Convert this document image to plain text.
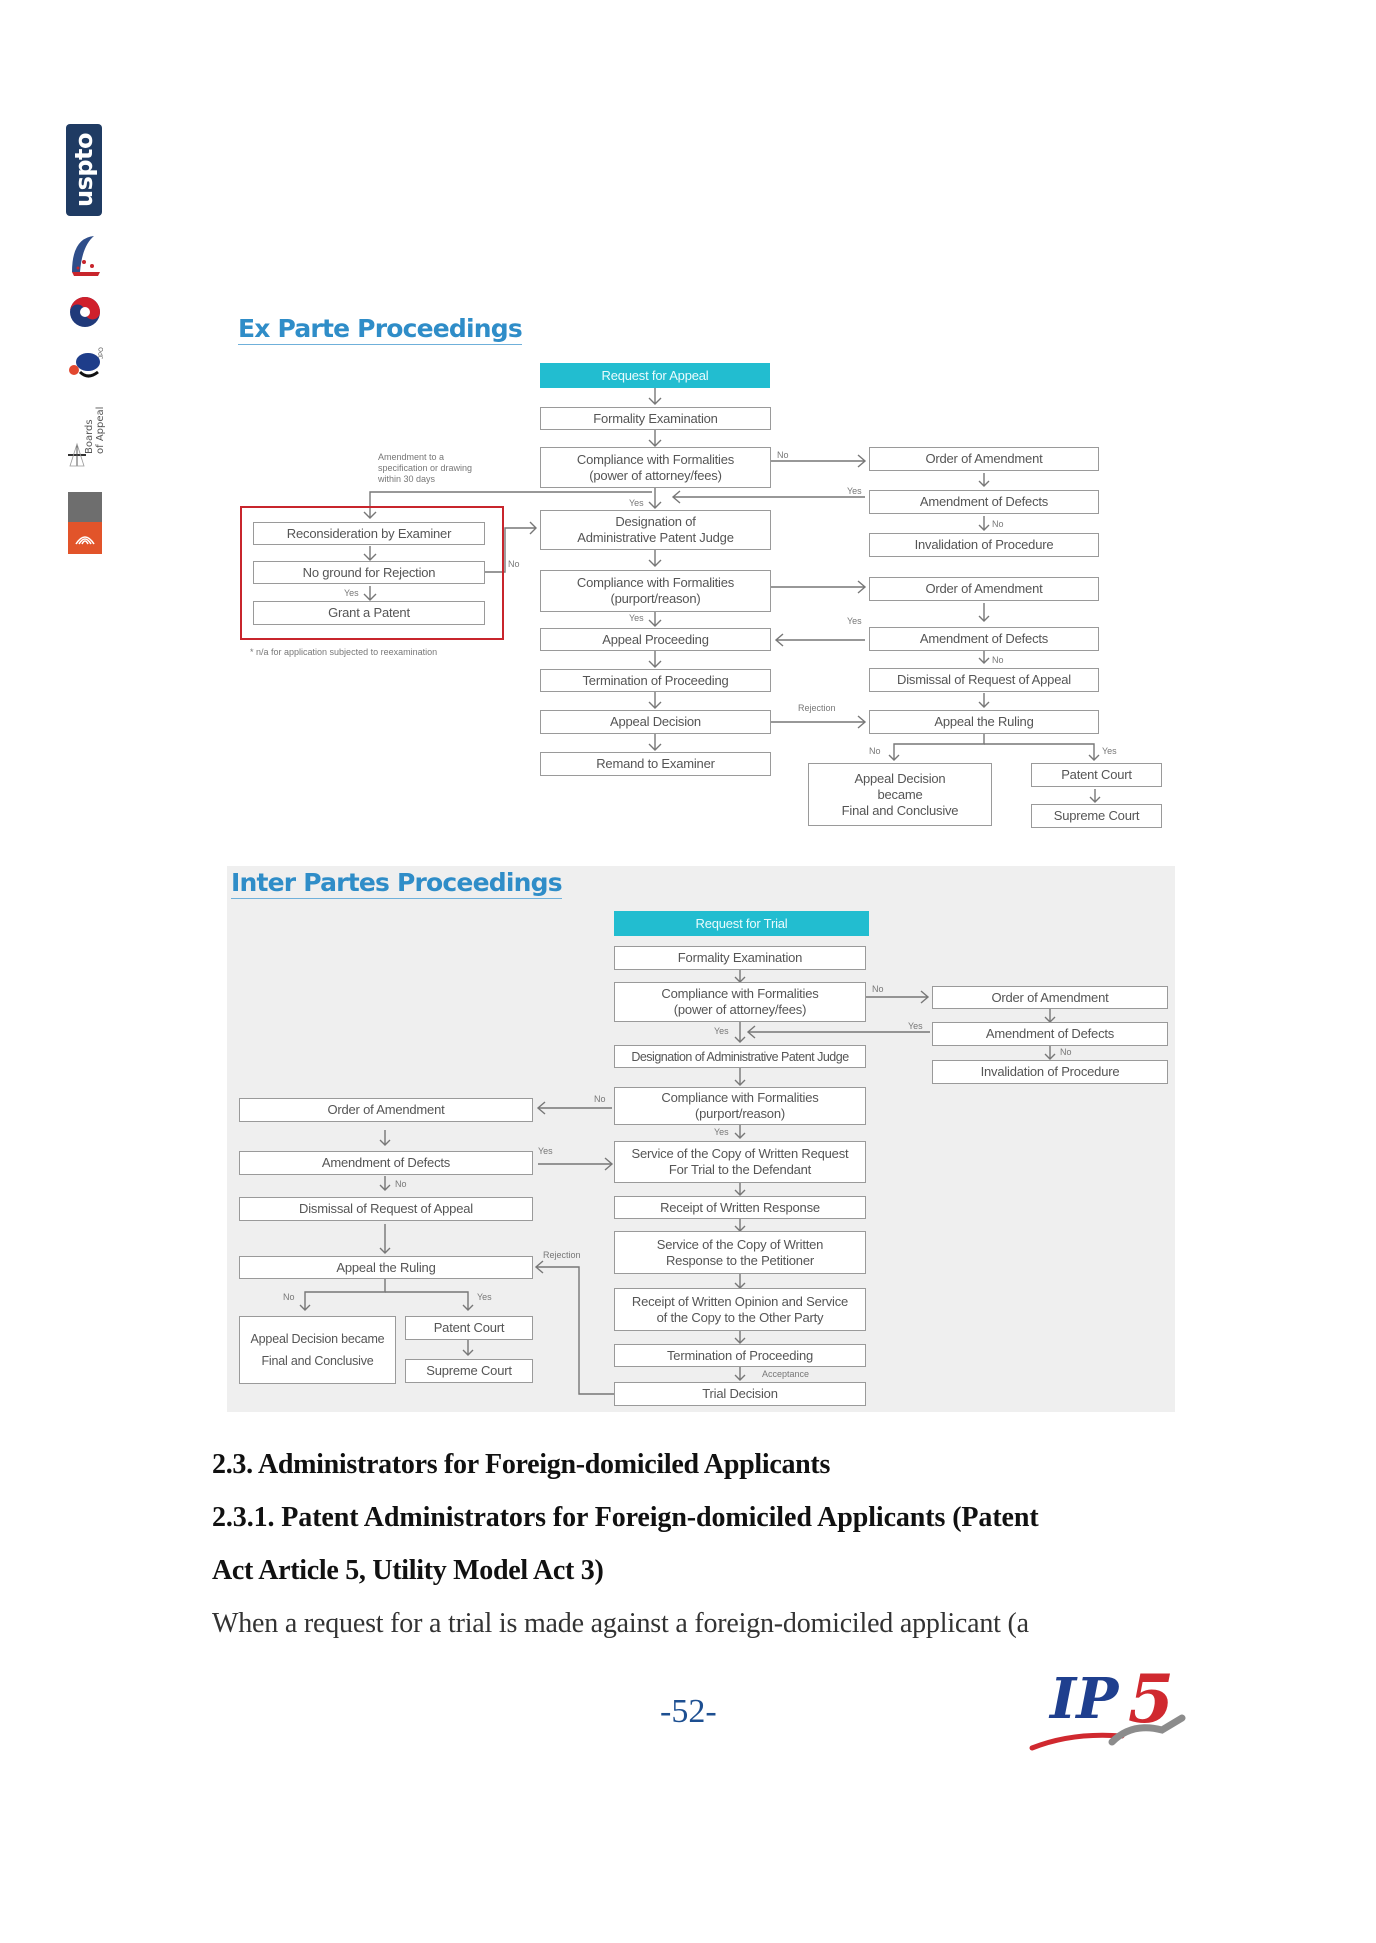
uspto
JPO
Boards
of Appeal
Ex Parte Proceedings
Request for Appeal
Formality Examination
Compliance with Formalities
(power of attorney/fees)
Designation of
Administrative Patent Judge
Compliance with Formalities
(purport/reason)
Appeal Proceeding
Termination of Proceeding
Appeal Decision
Remand to Examiner
Order of Amendment
Amendment of Defects
Invalidation of Procedure
Order of Amendment
Amendment of Defects
Dismissal of Request of Appeal
Appeal the Ruling
Appeal Decision
became
Final and Conclusive
Patent Court
Supreme Court
Reconsideration by Examiner
No ground for Rejection
Grant a Patent
Amendment to a
specification or drawing
within 30 days
* n/a for application subjected to reexamination
No
Yes
Yes
No
No
Yes
Yes	Yes
No
Rejection
No	Yes
Inter Partes Proceedings
Request for Trial
Formality Examination
Compliance with Formalities
(power of attorney/fees)
Designation of Administrative Patent Judge
Compliance with Formalities
(purport/reason)
Service of the Copy of Written Request
For Trial to the Defendant
Receipt of Written Response
Service of the Copy of Written
Response to the Petitioner
Receipt of Written Opinion and Service
of the Copy to the Other Party
Termination of Proceeding
Trial Decision
Order of Amendment
Amendment of Defects
Invalidation of Procedure
Order of Amendment
Amendment of Defects
Dismissal of Request of Appeal
Appeal the Ruling
Appeal Decision became
Final and Conclusive
Patent Court
Supreme Court
No
Yes
Yes
No
No
Yes
Yes
No
Rejection
No	Yes
Acceptance
2.3. Administrators for Foreign-domiciled Applicants
2.3.1. Patent Administrators for Foreign-domiciled Applicants (Patent
Act Article 5, Utility Model Act 3)
When a request for a trial is made against a foreign-domiciled applicant (a
-52-	IP 5
